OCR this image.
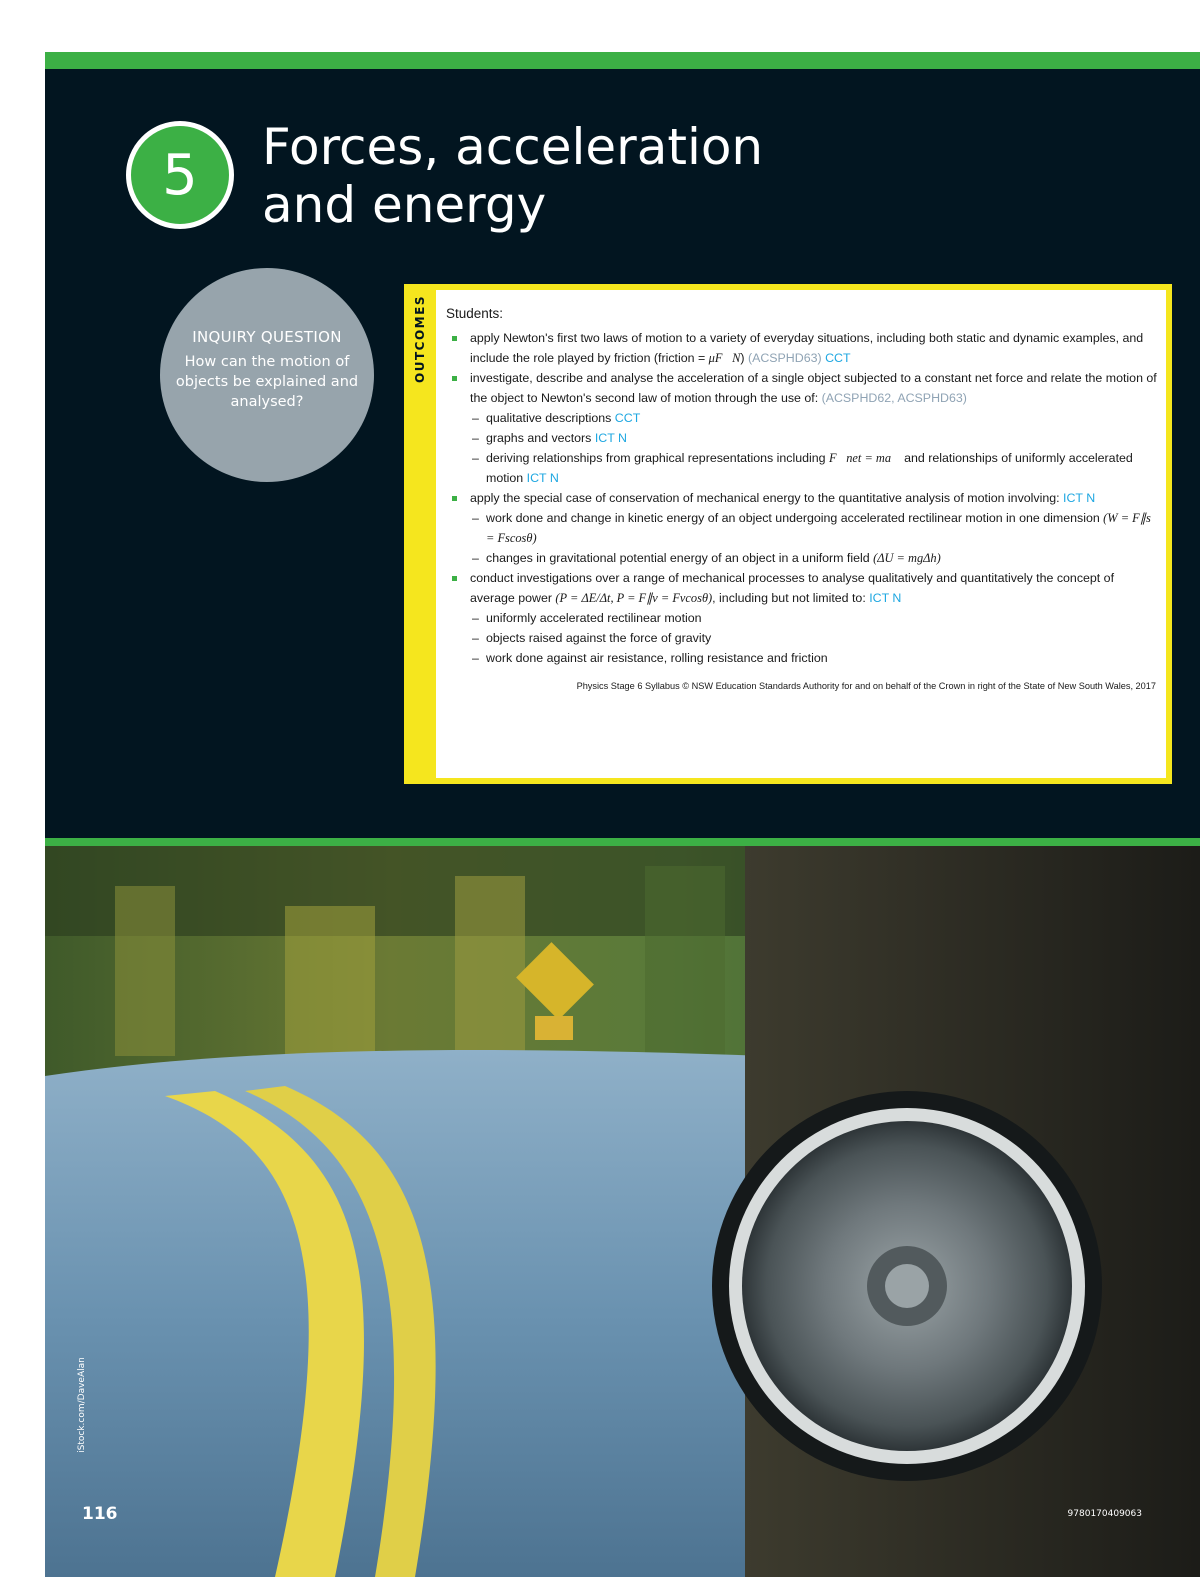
5 Forces, acceleration
and energy
INQUIRY QUESTION
How can the motion of objects be explained and analysed?
Students:
apply Newton's first two laws of motion to a variety of everyday situations, including both static and dynamic examples, and include the role played by friction (friction = μF⃗N) (ACSPHD63) CCT
investigate, describe and analyse the acceleration of a single object subjected to a constant net force and relate the motion of the object to Newton's second law of motion through the use of: (ACSPHD62, ACSPHD63)
– qualitative descriptions CCT
– graphs and vectors ICT N
– deriving relationships from graphical representations including F⃗net = ma⃗ and relationships of uniformly accelerated motion ICT N
apply the special case of conservation of mechanical energy to the quantitative analysis of motion involving: ICT N
– work done and change in kinetic energy of an object undergoing accelerated rectilinear motion in one dimension (W = F∥s = Fscosθ)
– changes in gravitational potential energy of an object in a uniform field (ΔU = mgΔh)
conduct investigations over a range of mechanical processes to analyse qualitatively and quantitatively the concept of average power (P = ΔE/Δt, P = F∥v = Fvcosθ), including but not limited to: ICT N
– uniformly accelerated rectilinear motion
– objects raised against the force of gravity
– work done against air resistance, rolling resistance and friction
Physics Stage 6 Syllabus © NSW Education Standards Authority for and on behalf of the Crown in right of the State of New South Wales, 2017
OUTCOMES
iStock.com/DaveAlan
116	9780170409063
